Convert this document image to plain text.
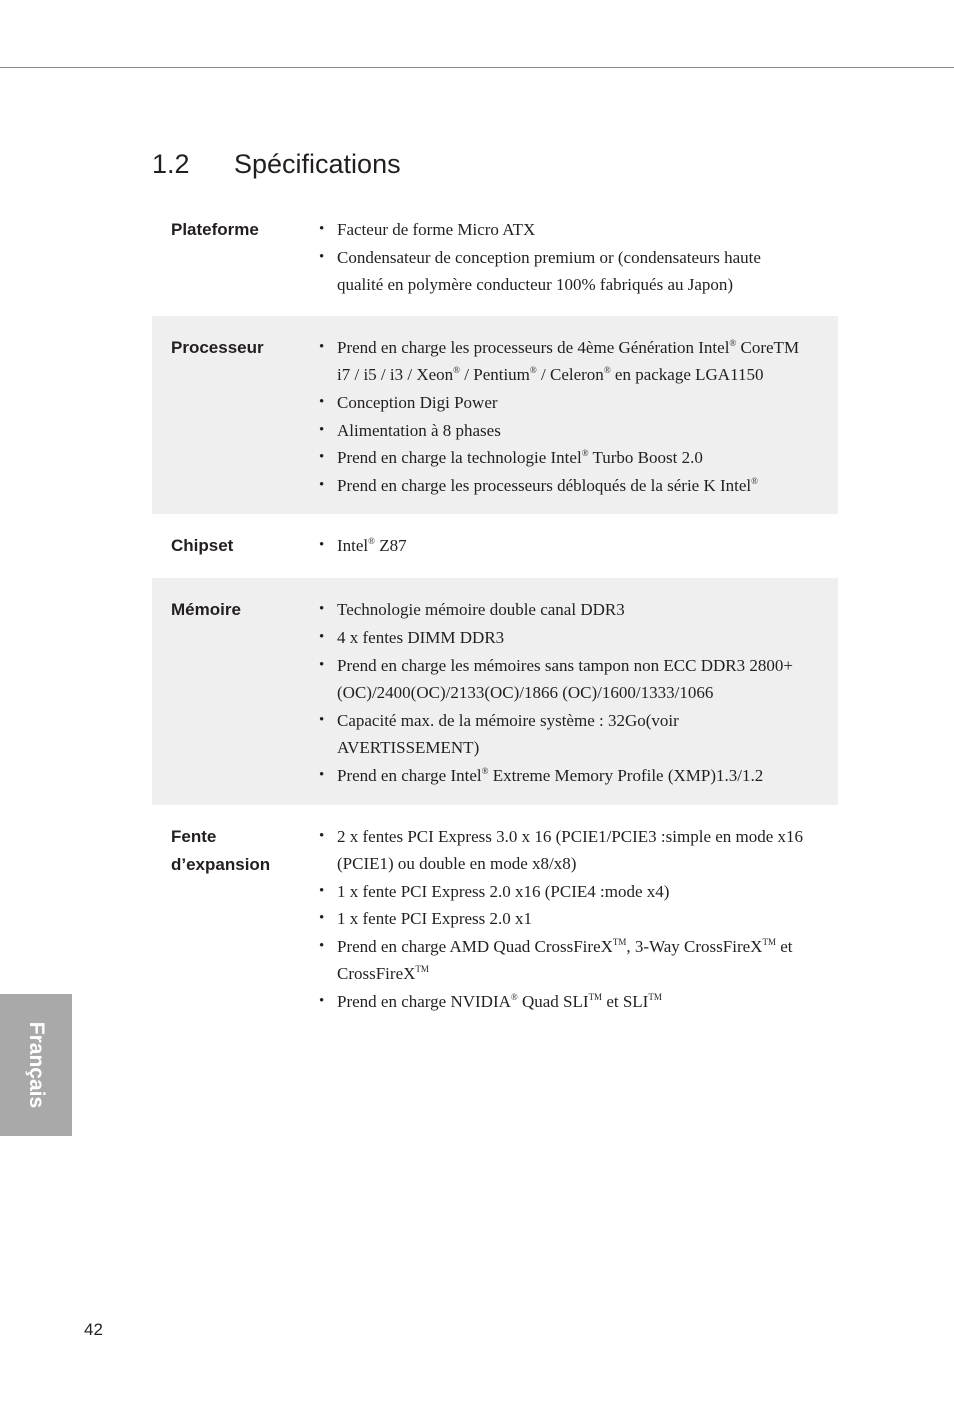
1.2 Spécifications
Plateforme	• Facteur de forme Micro ATX
• Condensateur de conception premium or (condensateurs haute qualité en polymère conducteur 100% fabriqués au Japon)
Processeur	• Prend en charge les processeurs de 4ème Génération Intel® CoreTM i7 / i5 / i3 / Xeon® / Pentium® / Celeron® en package LGA1150
• Conception Digi Power
• Alimentation à 8 phases
• Prend en charge la technologie Intel® Turbo Boost 2.0
• Prend en charge les processeurs débloqués de la série K Intel®
Chipset	• Intel® Z87
Mémoire	• Technologie mémoire double canal DDR3
• 4 x fentes DIMM DDR3
• Prend en charge les mémoires sans tampon non ECC DDR3 2800+(OC)/2400(OC)/2133(OC)/1866 (OC)/1600/1333/1066
• Capacité max. de la mémoire système : 32Go(voir AVERTISSEMENT)
• Prend en charge Intel® Extreme Memory Profile (XMP)1.3/1.2
Fente d’expansion
• 2 x fentes PCI Express 3.0 x 16 (PCIE1/PCIE3 :simple en mode x16 (PCIE1) ou double en mode x8/x8)
• 1 x fente PCI Express 2.0 x16 (PCIE4 :mode x4)
• 1 x fente PCI Express 2.0 x1
• Prend en charge AMD Quad CrossFireX™, 3-Way CrossFireX™ et CrossFireX™
• Prend en charge NVIDIA® Quad SLI™ et SLI™
Français
42
